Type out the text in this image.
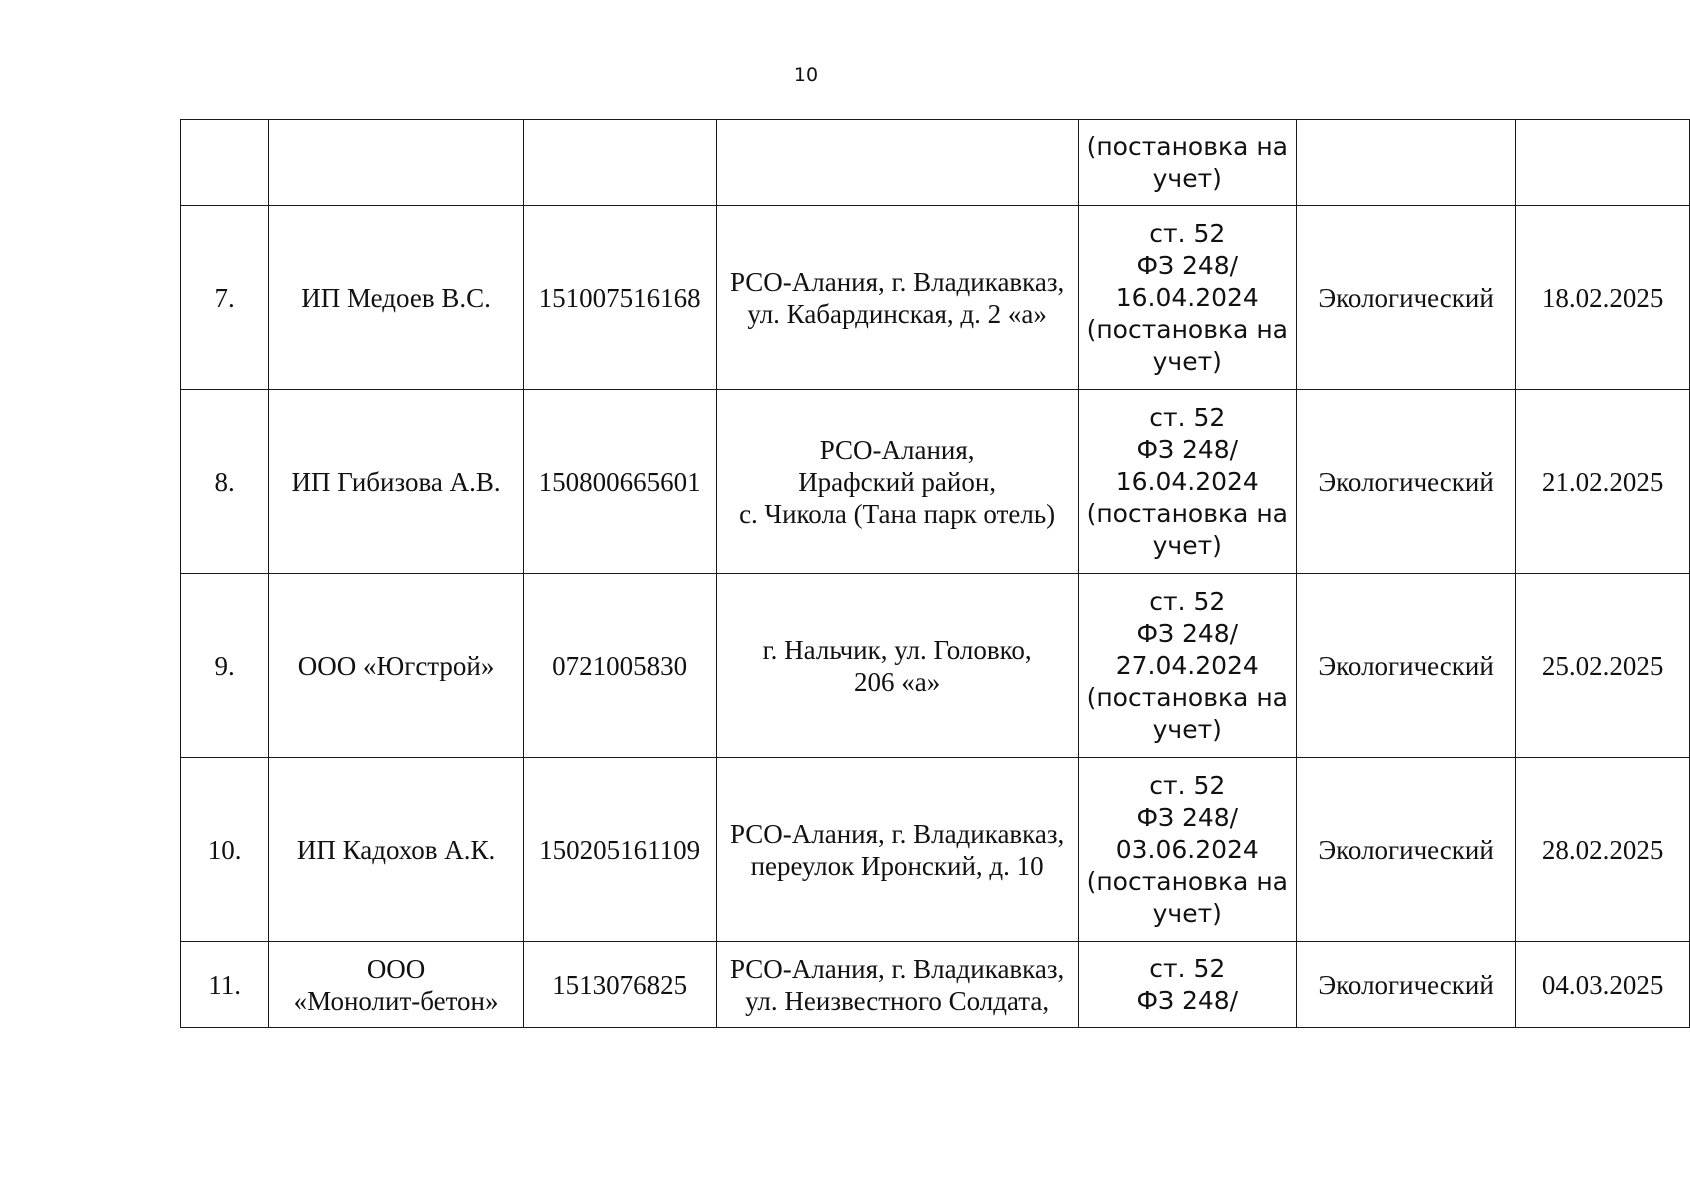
10
				(постановка на
учет)		
7.	ИП Медоев В.С.	151007516168	РСО-Алания, г. Владикавказ,
ул. Кабардинская, д. 2 «а»	ст. 52
ФЗ 248/
16.04.2024
(постановка на
учет)	Экологический	18.02.2025
8.	ИП Гибизова А.В.	150800665601	РСО-Алания,
Ирафский район,
с. Чикола (Тана парк отель)	ст. 52
ФЗ 248/
16.04.2024
(постановка на
учет)	Экологический	21.02.2025
9.	ООО «Югстрой»	0721005830	г. Нальчик, ул. Головко,
206 «а»	ст. 52
ФЗ 248/
27.04.2024
(постановка на
учет)	Экологический	25.02.2025
10.	ИП Кадохов А.К.	150205161109	РСО-Алания, г. Владикавказ,
переулок Иронский, д. 10	ст. 52
ФЗ 248/
03.06.2024
(постановка на
учет)	Экологический	28.02.2025
11.	ООО
«Монолит-бетон»	1513076825	РСО-Алания, г. Владикавказ,
ул. Неизвестного Солдата,	ст. 52
ФЗ 248/	Экологический	04.03.2025
